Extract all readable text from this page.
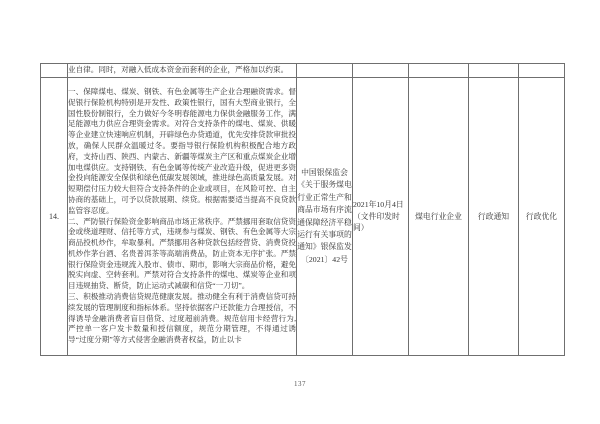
	业自律。同时，对融入低成本资金而套利的企业，严格加以约束。					

14.	一、保障煤电、煤炭、钢铁、有色金属等生产企业合理融资需求。督促银行保险机构特别是开发性、政策性银行，国有大型商业银行，全国性股份制银行，全力做好今冬明春能源电力保供金融服务工作，满足能源电力供应合理资金需求。对符合支持条件的煤电、煤炭、供暖等企业建立快速响应机制，开辟绿色办贷通道，优先安排贷款审批投放，确保人民群众温暖过冬。要指导银行保险机构积极配合地方政府，支持山西、陕西、内蒙古、新疆等煤炭主产区和重点煤炭企业增加电煤供应。支持钢铁、有色金属等传统产业改造升级，促进更多资金投向能源安全保供和绿色低碳发展领域，推进绿色高质量发展。对短期偿付压力较大但符合支持条件的企业或项目，在风险可控、自主协商的基础上，可予以贷款展期、续贷。根据需要适当提高不良贷款监管容忍度。

二、严防银行保险资金影响商品市场正常秩序。严禁挪用套取信贷资金或绕道理财、信托等方式，违规参与煤炭、钢铁、有色金属等大宗商品投机炒作，牟取暴利。严禁挪用各种贷款包括经营贷、消费贷投机炒作茅台酒、名贵普洱茶等高端消费品，防止资本无序扩张。严禁银行保险资金违规流入股市、债市、期市，影响大宗商品价格，避免脱实向虚、空转套利。严禁对符合支持条件的煤电、煤炭等企业和项目违规抽贷、断贷，防止运动式减碳和信贷“一刀切”。

三、积极推动消费信贷规范健康发展。推动健全有利于消费信贷可持续发展的管理制度和指标体系。坚持依据客户还款能力合理授信，不得诱导金融消费者盲目借贷、过度超前消费。规范信用卡经营行为,严控单一客户发卡数量和授信额度，规范分期管理，不得通过诱导“过度分期”等方式侵害金融消费者权益，防止以卡	中国银保监会《关于服务煤电行业正常生产和商品市场有序流通保障经济平稳运行有关事项的通知》银保监发〔2021〕42号	2021年10月4日（文件印发时间）	煤电行业企业	行政通知	行政优化
137
